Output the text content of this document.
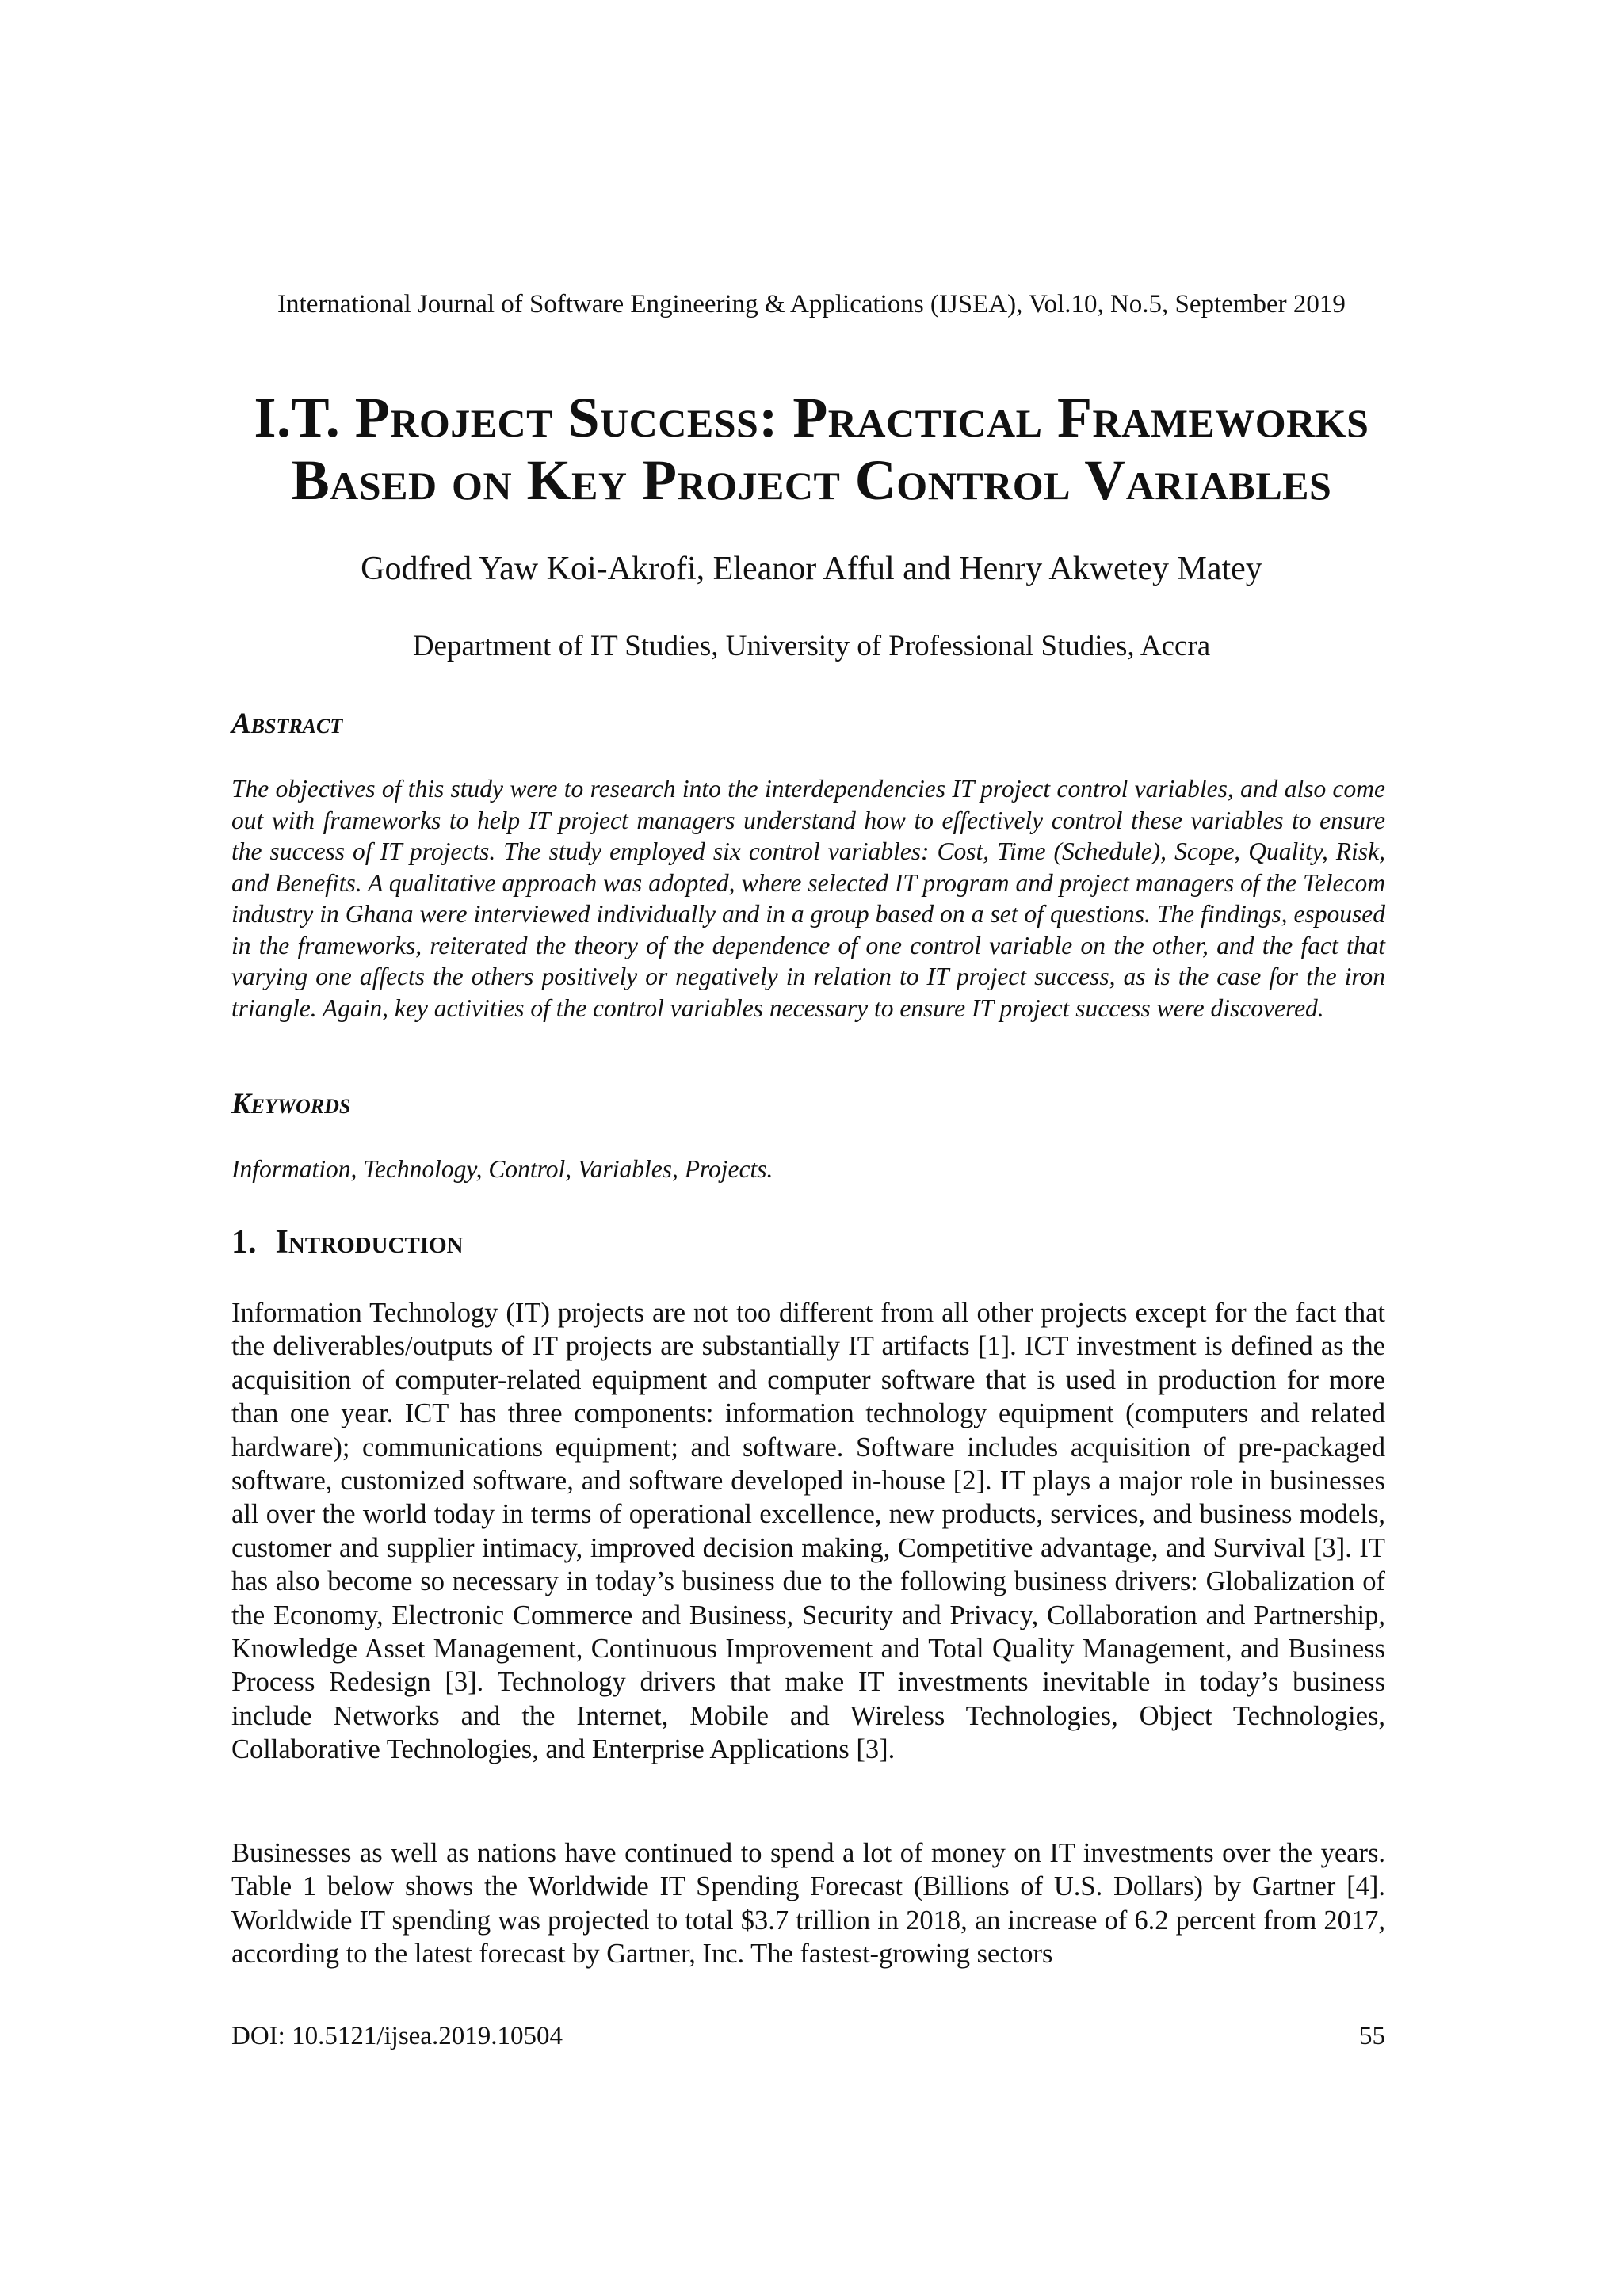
International Journal of Software Engineering & Applications (IJSEA), Vol.10, No.5, September 2019
I.T. Project Success: Practical Frameworks
Based on Key Project Control Variables
Godfred Yaw Koi-Akrofi, Eleanor Afful and Henry Akwetey Matey
Department of IT Studies, University of Professional Studies, Accra
Abstract

The objectives of this study were to research into the interdependencies IT project control variables, and also come out with frameworks to help IT project managers understand how to effectively control these variables to ensure the success of IT projects. The study employed six control variables: Cost, Time (Schedule), Scope, Quality, Risk, and Benefits. A qualitative approach was adopted, where selected IT program and project managers of the Telecom industry in Ghana were interviewed individually and in a group based on a set of questions. The findings, espoused in the frameworks, reiterated the theory of the dependence of one control variable on the other, and the fact that varying one affects the others positively or negatively in relation to IT project success, as is the case for the iron triangle. Again, key activities of the control variables necessary to ensure IT project success were discovered.

Keywords

Information, Technology, Control, Variables, Projects.

1. Introduction

Information Technology (IT) projects are not too different from all other projects except for the fact that the deliverables/outputs of IT projects are substantially IT artifacts [1]. ICT investment is defined as the acquisition of computer-related equipment and computer software that is used in production for more than one year. ICT has three components: information technology equipment (computers and related hardware); communications equipment; and software. Software includes acquisition of pre-packaged software, customized software, and software developed in-house [2]. IT plays a major role in businesses all over the world today in terms of operational excellence, new products, services, and business models, customer and supplier intimacy, improved decision making, Competitive advantage, and Survival [3]. IT has also become so necessary in today’s business due to the following business drivers: Globalization of the Economy, Electronic Commerce and Business, Security and Privacy, Collaboration and Partnership, Knowledge Asset Management, Continuous Improvement and Total Quality Management, and Business Process Redesign [3]. Technology drivers that make IT investments inevitable in today’s business include Networks and the Internet, Mobile and Wireless Technologies, Object Technologies, Collaborative Technologies, and Enterprise Applications [3].

Businesses as well as nations have continued to spend a lot of money on IT investments over the years. Table 1 below shows the Worldwide IT Spending Forecast (Billions of U.S. Dollars) by Gartner [4]. Worldwide IT spending was projected to total $3.7 trillion in 2018, an increase of 6.2 percent from 2017, according to the latest forecast by Gartner, Inc. The fastest-growing sectors

DOI: 10.5121/ijsea.2019.10504	55
